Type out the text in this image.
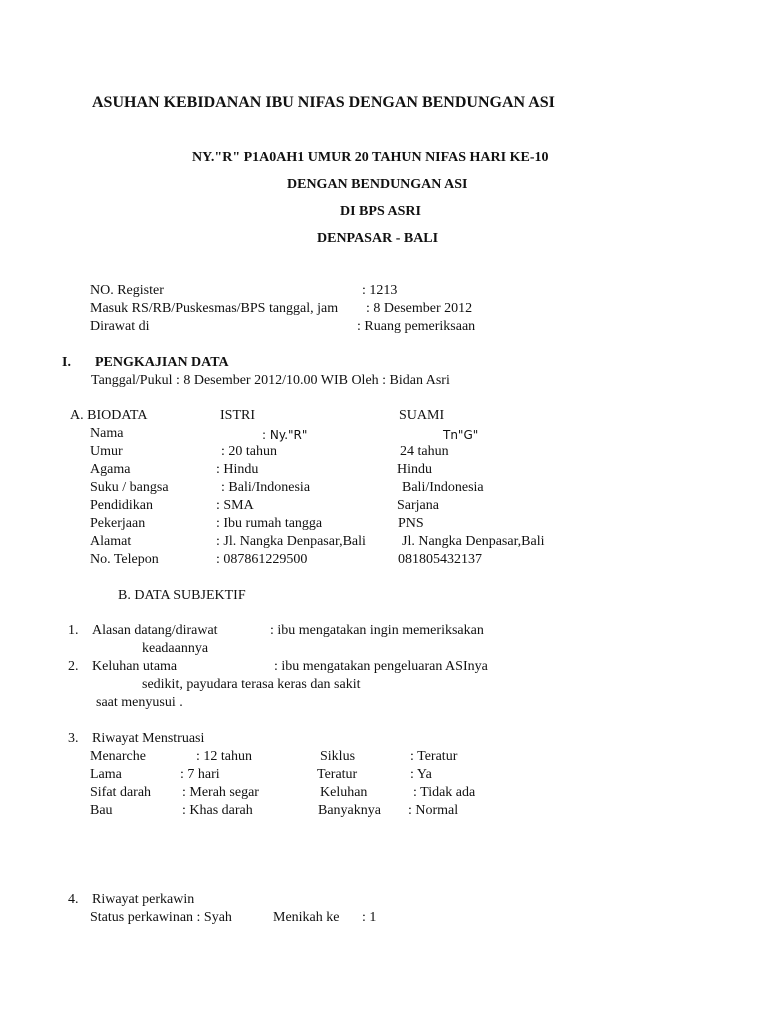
ASUHAN KEBIDANAN IBU NIFAS DENGAN BENDUNGAN ASI
NY."R" P1A0AH1 UMUR 20 TAHUN NIFAS HARI KE-10
DENGAN BENDUNGAN ASI
DI BPS ASRI
DENPASAR - BALI
NO. Register	: 1213
Masuk RS/RB/Puskesmas/BPS tanggal, jam : 8 Desember 2012
Dirawat di	: Ruang pemeriksaan
I. PENGKAJIAN DATA
Tanggal/Pukul : 8 Desember 2012/10.00 WIB Oleh : Bidan Asri
A. BIODATA	ISTRI	SUAMI
Nama	: Ny."R"	Tn"G"
Umur	: 20 tahun	24 tahun
Agama	: Hindu	Hindu
Suku / bangsa	: Bali/Indonesia	Bali/Indonesia
Pendidikan	: SMA	Sarjana
Pekerjaan	: Ibu rumah tangga	PNS
Alamat	: Jl. Nangka Denpasar,Bali	Jl. Nangka Denpasar,Bali
No. Telepon	: 087861229500	081805432137
B. DATA SUBJEKTIF
1. Alasan datang/dirawat	: ibu mengatakan ingin memeriksakan
keadaannya
2. Keluhan utama	: ibu mengatakan pengeluaran ASInya
sedikit, payudara terasa keras dan sakit
saat menyusui .
3. Riwayat Menstruasi
Menarche	: 12 tahun	Siklus	: Teratur
Lama	: 7 hari	Teratur	: Ya
Sifat darah : Merah segar	Keluhan	: Tidak ada
Bau	: Khas darah	Banyaknya : Normal
4. Riwayat perkawin
Status perkawinan : Syah	Menikah ke : 1
